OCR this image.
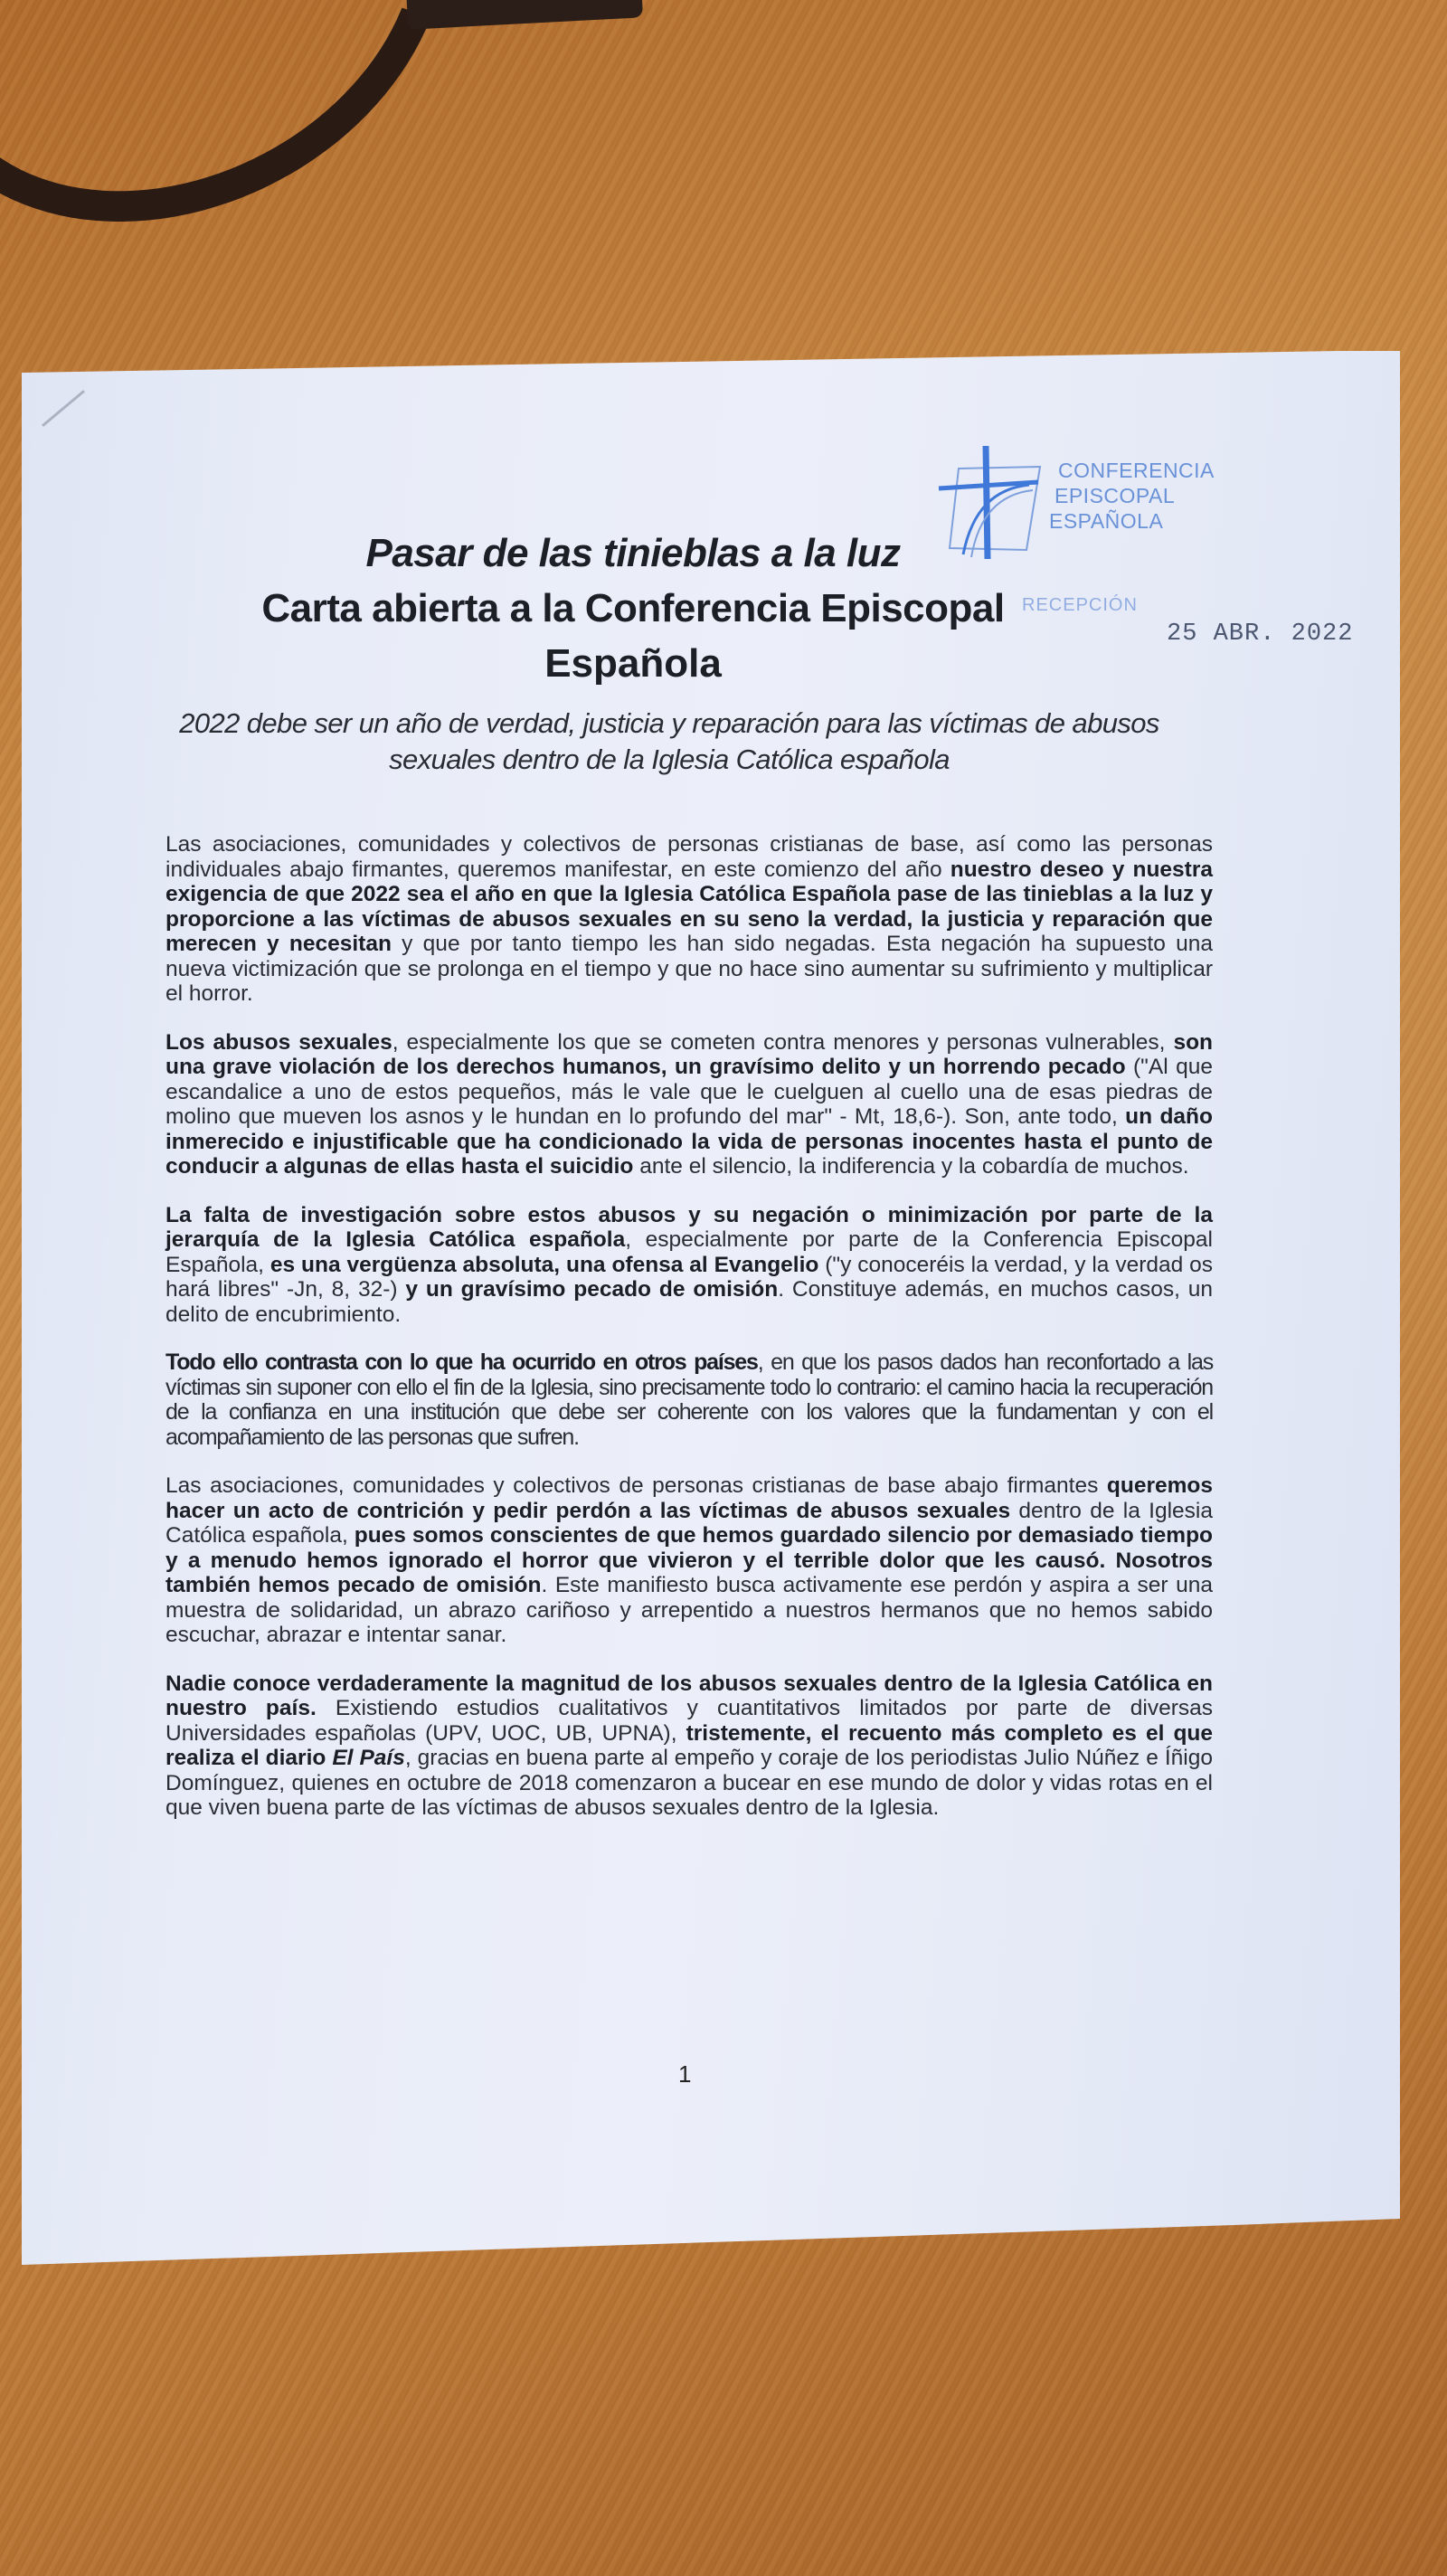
CONFERENCIA
EPISCOPAL
ESPAÑOLA
RECEPCIÓN
25 ABR. 2022
Pasar de las tinieblas a la luz
Carta abierta a la Conferencia Episcopal
Española
2022 debe ser un año de verdad, justicia y reparación para las víctimas de abusos sexuales dentro de la Iglesia Católica española

Las asociaciones, comunidades y colectivos de personas cristianas de base, así como las personas individuales abajo firmantes, queremos manifestar, en este comienzo del año nuestro deseo y nuestra exigencia de que 2022 sea el año en que la Iglesia Católica Española pase de las tinieblas a la luz y proporcione a las víctimas de abusos sexuales en su seno la verdad, la justicia y reparación que merecen y necesitan y que por tanto tiempo les han sido negadas. Esta negación ha supuesto una nueva victimización que se prolonga en el tiempo y que no hace sino aumentar su sufrimiento y multiplicar el horror.

Los abusos sexuales, especialmente los que se cometen contra menores y personas vulnerables, son una grave violación de los derechos humanos, un gravísimo delito y un horrendo pecado ("Al que escandalice a uno de estos pequeños, más le vale que le cuelguen al cuello una de esas piedras de molino que mueven los asnos y le hundan en lo profundo del mar" - Mt, 18,6-). Son, ante todo, un daño inmerecido e injustificable que ha condicionado la vida de personas inocentes hasta el punto de conducir a algunas de ellas hasta el suicidio ante el silencio, la indiferencia y la cobardía de muchos.

La falta de investigación sobre estos abusos y su negación o minimización por parte de la jerarquía de la Iglesia Católica española, especialmente por parte de la Conferencia Episcopal Española, es una vergüenza absoluta, una ofensa al Evangelio ("y conoceréis la verdad, y la verdad os hará libres" -Jn, 8, 32-) y un gravísimo pecado de omisión. Constituye además, en muchos casos, un delito de encubrimiento.

Todo ello contrasta con lo que ha ocurrido en otros países, en que los pasos dados han reconfortado a las víctimas sin suponer con ello el fin de la Iglesia, sino precisamente todo lo contrario: el camino hacia la recuperación de la confianza en una institución que debe ser coherente con los valores que la fundamentan y con el acompañamiento de las personas que sufren.

Las asociaciones, comunidades y colectivos de personas cristianas de base abajo firmantes queremos hacer un acto de contrición y pedir perdón a las víctimas de abusos sexuales dentro de la Iglesia Católica española, pues somos conscientes de que hemos guardado silencio por demasiado tiempo y a menudo hemos ignorado el horror que vivieron y el terrible dolor que les causó. Nosotros también hemos pecado de omisión. Este manifiesto busca activamente ese perdón y aspira a ser una muestra de solidaridad, un abrazo cariñoso y arrepentido a nuestros hermanos que no hemos sabido escuchar, abrazar e intentar sanar.

Nadie conoce verdaderamente la magnitud de los abusos sexuales dentro de la Iglesia Católica en nuestro país. Existiendo estudios cualitativos y cuantitativos limitados por parte de diversas Universidades españolas (UPV, UOC, UB, UPNA), tristemente, el recuento más completo es el que realiza el diario El País, gracias en buena parte al empeño y coraje de los periodistas Julio Núñez e Íñigo Domínguez, quienes en octubre de 2018 comenzaron a bucear en ese mundo de dolor y vidas rotas en el que viven buena parte de las víctimas de abusos sexuales dentro de la Iglesia.

1
